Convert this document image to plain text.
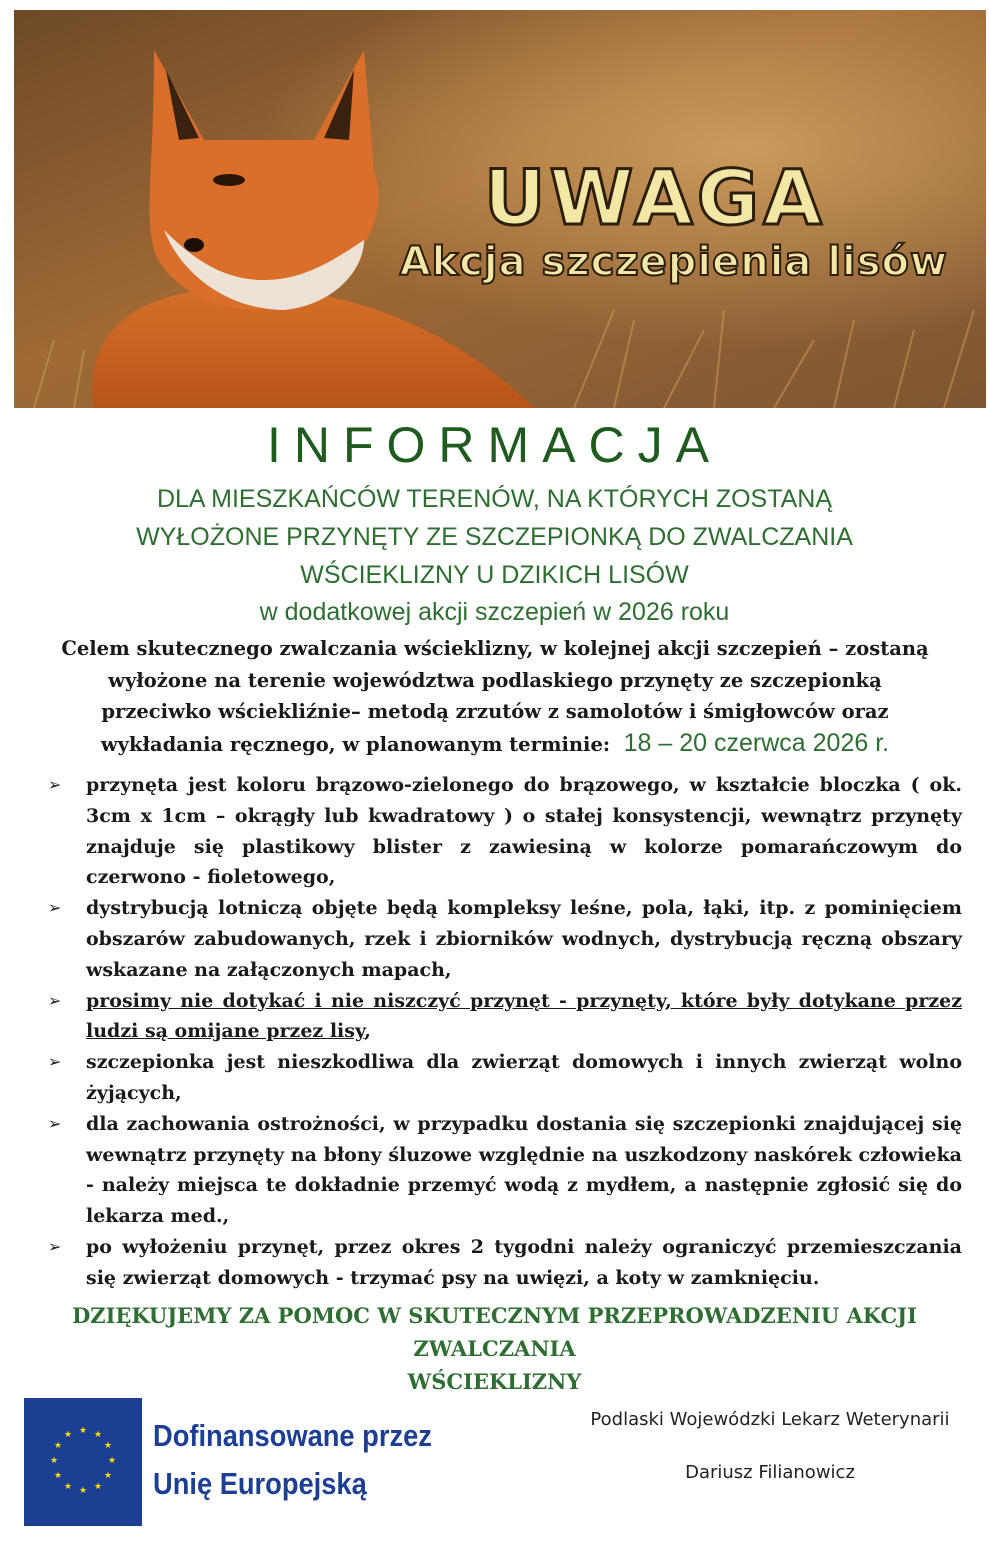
UWAGA
Akcja szczepienia lisów
INFORMACJA
DLA MIESZKAŃCÓW TERENÓW, NA KTÓRYCH ZOSTANĄ
WYŁOŻONE PRZYNĘTY ZE SZCZEPIONKĄ DO ZWALCZANIA
WŚCIEKLIZNY U DZIKICH LISÓW
w dodatkowej akcji szczepień w 2026 roku
Celem skutecznego zwalczania wścieklizny, w kolejnej akcji szczepień – zostaną
wyłożone na terenie województwa podlaskiego przynęty ze szczepionką
przeciwko wściekliźnie– metodą zrzutów z samolotów i śmigłowców oraz
wykładania ręcznego, w planowanym terminie: 18 – 20 czerwca 2026 r.
➢ przynęta jest koloru brązowo-zielonego do brązowego, w kształcie bloczka ( ok. 3cm x 1cm – okrągły lub kwadratowy ) o stałej konsystencji, wewnątrz przynęty znajduje się plastikowy blister z zawiesiną w kolorze pomarańczowym do czerwono - fioletowego,
➢ dystrybucją lotniczą objęte będą kompleksy leśne, pola, łąki, itp. z pominięciem obszarów zabudowanych, rzek i zbiorników wodnych, dystrybucją ręczną obszary wskazane na załączonych mapach,
➢ prosimy nie dotykać i nie niszczyć przynęt - przynęty, które były dotykane przez ludzi są omijane przez lisy,
➢ szczepionka jest nieszkodliwa dla zwierząt domowych i innych zwierząt wolno żyjących,
➢ dla zachowania ostrożności, w przypadku dostania się szczepionki znajdującej się wewnątrz przynęty na błony śluzowe względnie na uszkodzony naskórek człowieka - należy miejsca te dokładnie przemyć wodą z mydłem, a następnie zgłosić się do lekarza med.,
➢ po wyłożeniu przynęt, przez okres 2 tygodni należy ograniczyć przemieszczania się zwierząt domowych - trzymać psy na uwięzi, a koty w zamknięciu.
DZIĘKUJEMY ZA POMOC W SKUTECZNYM PRZEPROWADZENIU AKCJI ZWALCZANIA
WŚCIEKLIZNY
★ ★
★
★
★
★
★
★
★
★
★
★	Dofinansowane przez
Unię Europejską
Podlaski Wojewódzki Lekarz Weterynarii
Dariusz Filianowicz
